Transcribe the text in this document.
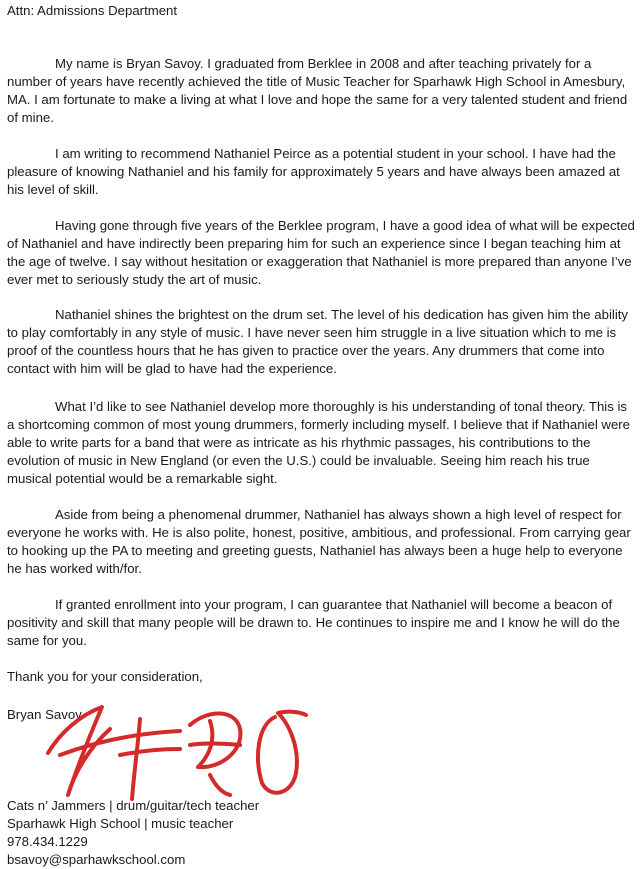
Attn: Admissions Department

My name is Bryan Savoy. I graduated from Berklee in 2008 and after teaching privately for a number of years have recently achieved the title of Music Teacher for Sparhawk High School in Amesbury, MA. I am fortunate to make a living at what I love and hope the same for a very talented student and friend of mine.

I am writing to recommend Nathaniel Peirce as a potential student in your school. I have had the pleasure of knowing Nathaniel and his family for approximately 5 years and have always been amazed at his level of skill.

Having gone through five years of the Berklee program, I have a good idea of what will be expected of Nathaniel and have indirectly been preparing him for such an experience since I began teaching him at the age of twelve. I say without hesitation or exaggeration that Nathaniel is more prepared than anyone I’ve ever met to seriously study the art of music.

Nathaniel shines the brightest on the drum set. The level of his dedication has given him the ability to play comfortably in any style of music. I have never seen him struggle in a live situation which to me is proof of the countless hours that he has given to practice over the years. Any drummers that come into contact with him will be glad to have had the experience.

What I’d like to see Nathaniel develop more thoroughly is his understanding of tonal theory. This is a shortcoming common of most young drummers, formerly including myself. I believe that if Nathaniel were able to write parts for a band that were as intricate as his rhythmic passages, his contributions to the evolution of music in New England (or even the U.S.) could be invaluable. Seeing him reach his true musical potential would be a remarkable sight.

Aside from being a phenomenal drummer, Nathaniel has always shown a high level of respect for everyone he works with. He is also polite, honest, positive, ambitious, and professional. From carrying gear to hooking up the PA to meeting and greeting guests, Nathaniel has always been a huge help to everyone he has worked with/for.

If granted enrollment into your program, I can guarantee that Nathaniel will become a beacon of positivity and skill that many people will be drawn to. He continues to inspire me and I know he will do the same for you.

Thank you for your consideration,

Bryan Savoy

Cats n’ Jammers | drum/guitar/tech teacher
Sparhawk High School | music teacher
978.434.1229
bsavoy@sparhawkschool.com
